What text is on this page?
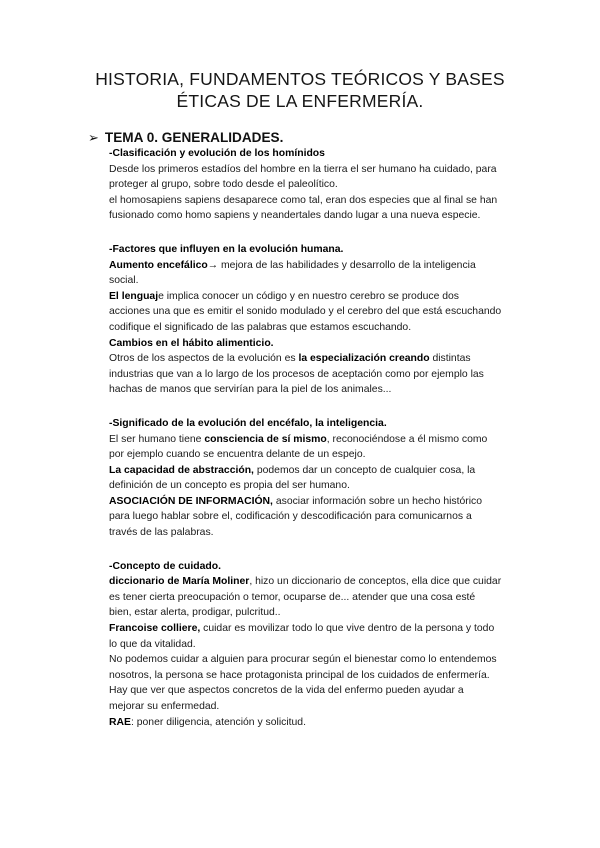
HISTORIA, FUNDAMENTOS TEÓRICOS Y BASES
ÉTICAS DE LA ENFERMERÍA.
➢ TEMA 0. GENERALIDADES.
-Clasificación y evolución de los homínidos
Desde los primeros estadíos del hombre en la tierra el ser humano ha cuidado, para
proteger al grupo, sobre todo desde el paleolítico.
el homosapiens sapiens desaparece como tal, eran dos especies que al final se han
fusionado como homo sapiens y neandertales dando lugar a una nueva especie.
-Factores que influyen en la evolución humana.
Aumento encefálico→ mejora de las habilidades y desarrollo de la inteligencia
social.
El lenguaje implica conocer un código y en nuestro cerebro se produce dos
acciones una que es emitir el sonido modulado y el cerebro del que está escuchando
codifique el significado de las palabras que estamos escuchando.
Cambios en el hábito alimenticio.
Otros de los aspectos de la evolución es la especialización creando distintas
industrias que van a lo largo de los procesos de aceptación como por ejemplo las
hachas de manos que servirían para la piel de los animales...
-Significado de la evolución del encéfalo, la inteligencia.
El ser humano tiene consciencia de sí mismo, reconociéndose a él mismo como
por ejemplo cuando se encuentra delante de un espejo.
La capacidad de abstracción, podemos dar un concepto de cualquier cosa, la
definición de un concepto es propia del ser humano.
ASOCIACIÓN DE INFORMACIÓN, asociar información sobre un hecho histórico
para luego hablar sobre el, codificación y descodificación para comunicarnos a
través de las palabras.
-Concepto de cuidado.
diccionario de María Moliner, hizo un diccionario de conceptos, ella dice que cuidar
es tener cierta preocupación o temor, ocuparse de... atender que una cosa esté
bien, estar alerta, prodigar, pulcritud..
Francoise colliere, cuidar es movilizar todo lo que vive dentro de la persona y todo
lo que da vitalidad.
No podemos cuidar a alguien para procurar según el bienestar como lo entendemos
nosotros, la persona se hace protagonista principal de los cuidados de enfermería.
Hay que ver que aspectos concretos de la vida del enfermo pueden ayudar a
mejorar su enfermedad.
RAE: poner diligencia, atención y solicitud.
